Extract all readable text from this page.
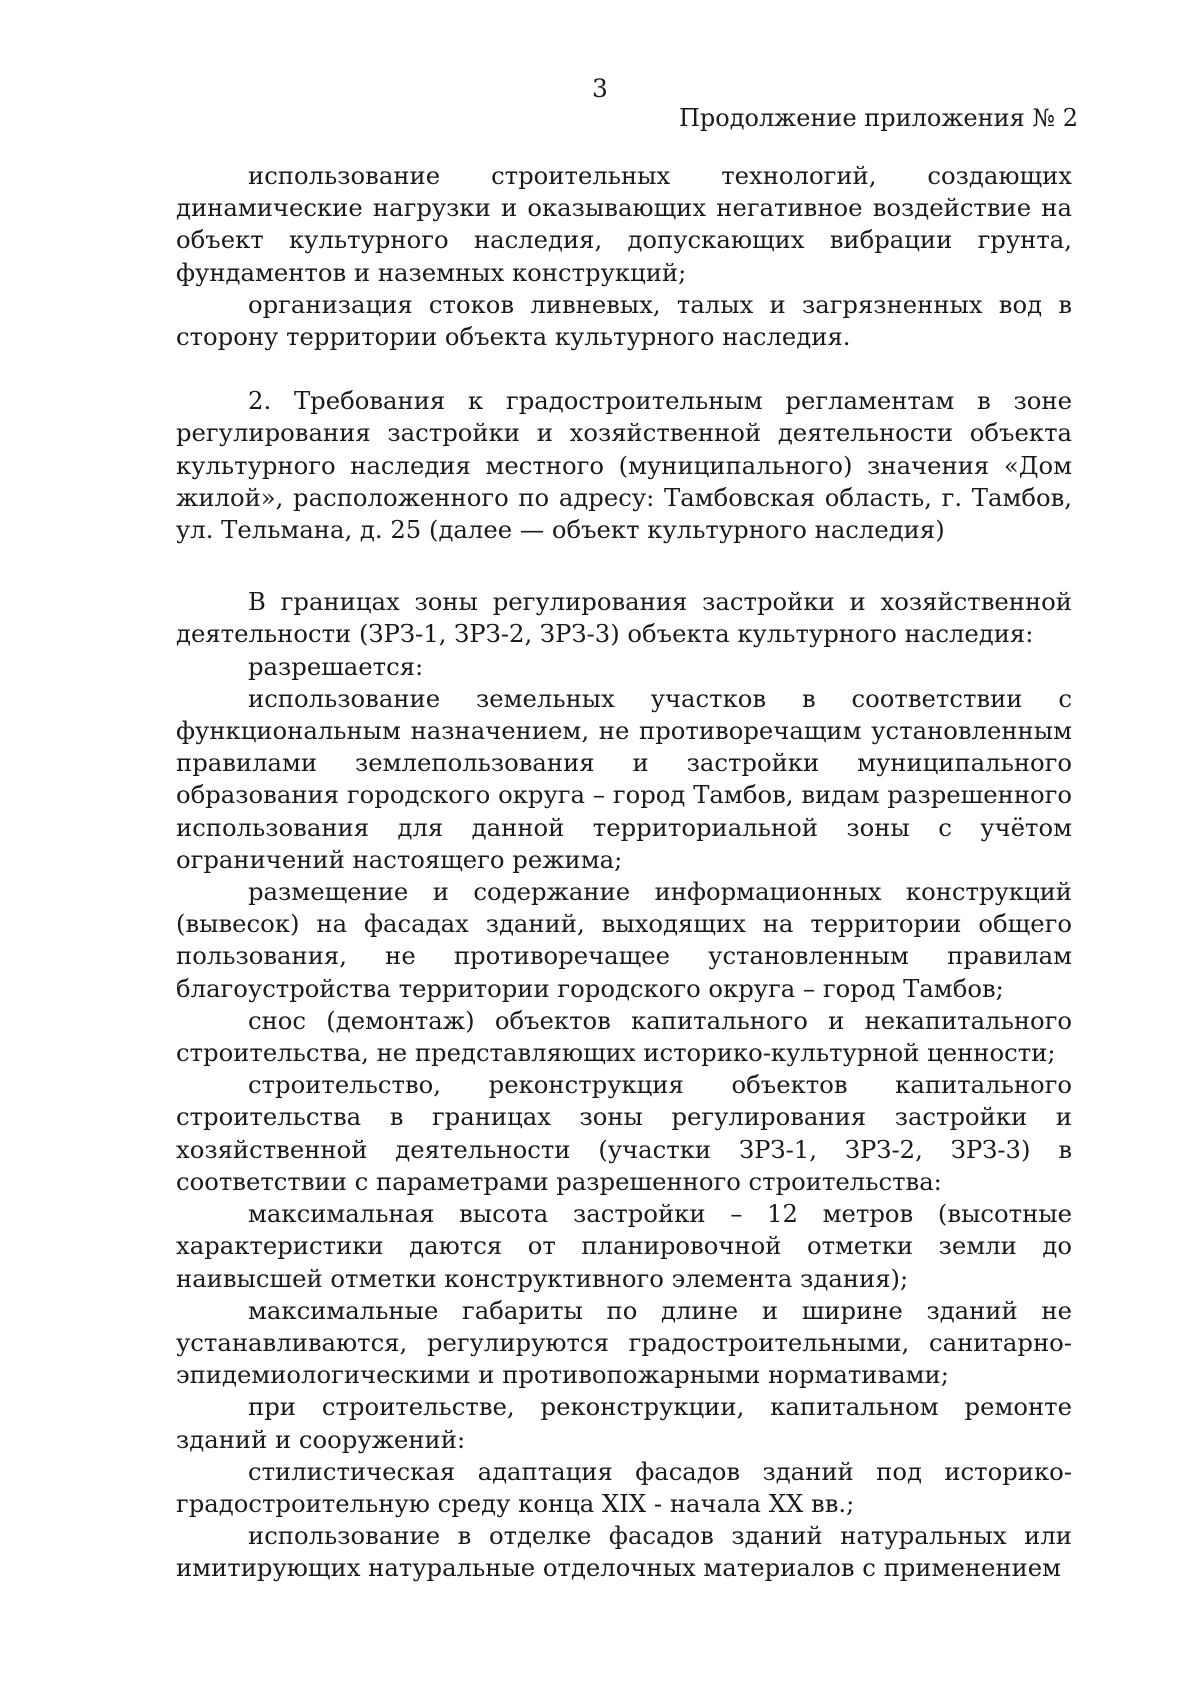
3
Продолжение приложения № 2

использование строительных технологий, создающих динамические нагрузки и оказывающих негативное воздействие на объект культурного наследия, допускающих вибрации грунта, фундаментов и наземных конструкций;

организация стоков ливневых, талых и загрязненных вод в сторону территории объекта культурного наследия.

2. Требования к градостроительным регламентам в зоне регулирования застройки и хозяйственной деятельности объекта культурного наследия местного (муниципального) значения «Дом жилой», расположенного по адресу: Тамбовская область, г. Тамбов, ул. Тельмана, д. 25 (далее — объект культурного наследия)

В границах зоны регулирования застройки и хозяйственной деятельности (ЗРЗ-1, ЗРЗ-2, ЗРЗ-3) объекта культурного наследия:

разрешается:

использование земельных участков в соответствии с функциональным назначением, не противоречащим установленным правилами землепользования и застройки муниципального образования городского округа – город Тамбов, видам разрешенного использования для данной территориальной зоны с учётом ограничений настоящего режима;

размещение и содержание информационных конструкций (вывесок) на фасадах зданий, выходящих на территории общего пользования, не противоречащее установленным правилам благоустройства территории городского округа – город Тамбов;

снос (демонтаж) объектов капитального и некапитального строительства, не представляющих историко-культурной ценности;

строительство, реконструкция объектов капитального строительства в границах зоны регулирования застройки и хозяйственной деятельности (участки ЗРЗ-1, ЗРЗ-2, ЗРЗ-3) в соответствии с параметрами разрешенного строительства:

максимальная высота застройки – 12 метров (высотные характеристики даются от планировочной отметки земли до наивысшей отметки конструктивного элемента здания);

максимальные габариты по длине и ширине зданий не устанавливаются, регулируются градостроительными, санитарно-эпидемиологическими и противопожарными нормативами;

при строительстве, реконструкции, капитальном ремонте зданий и сооружений:

стилистическая адаптация фасадов зданий под историко-градостроительную среду конца XIX - начала XX вв.;

использование в отделке фасадов зданий натуральных или имитирующих натуральные отделочных материалов с применением
